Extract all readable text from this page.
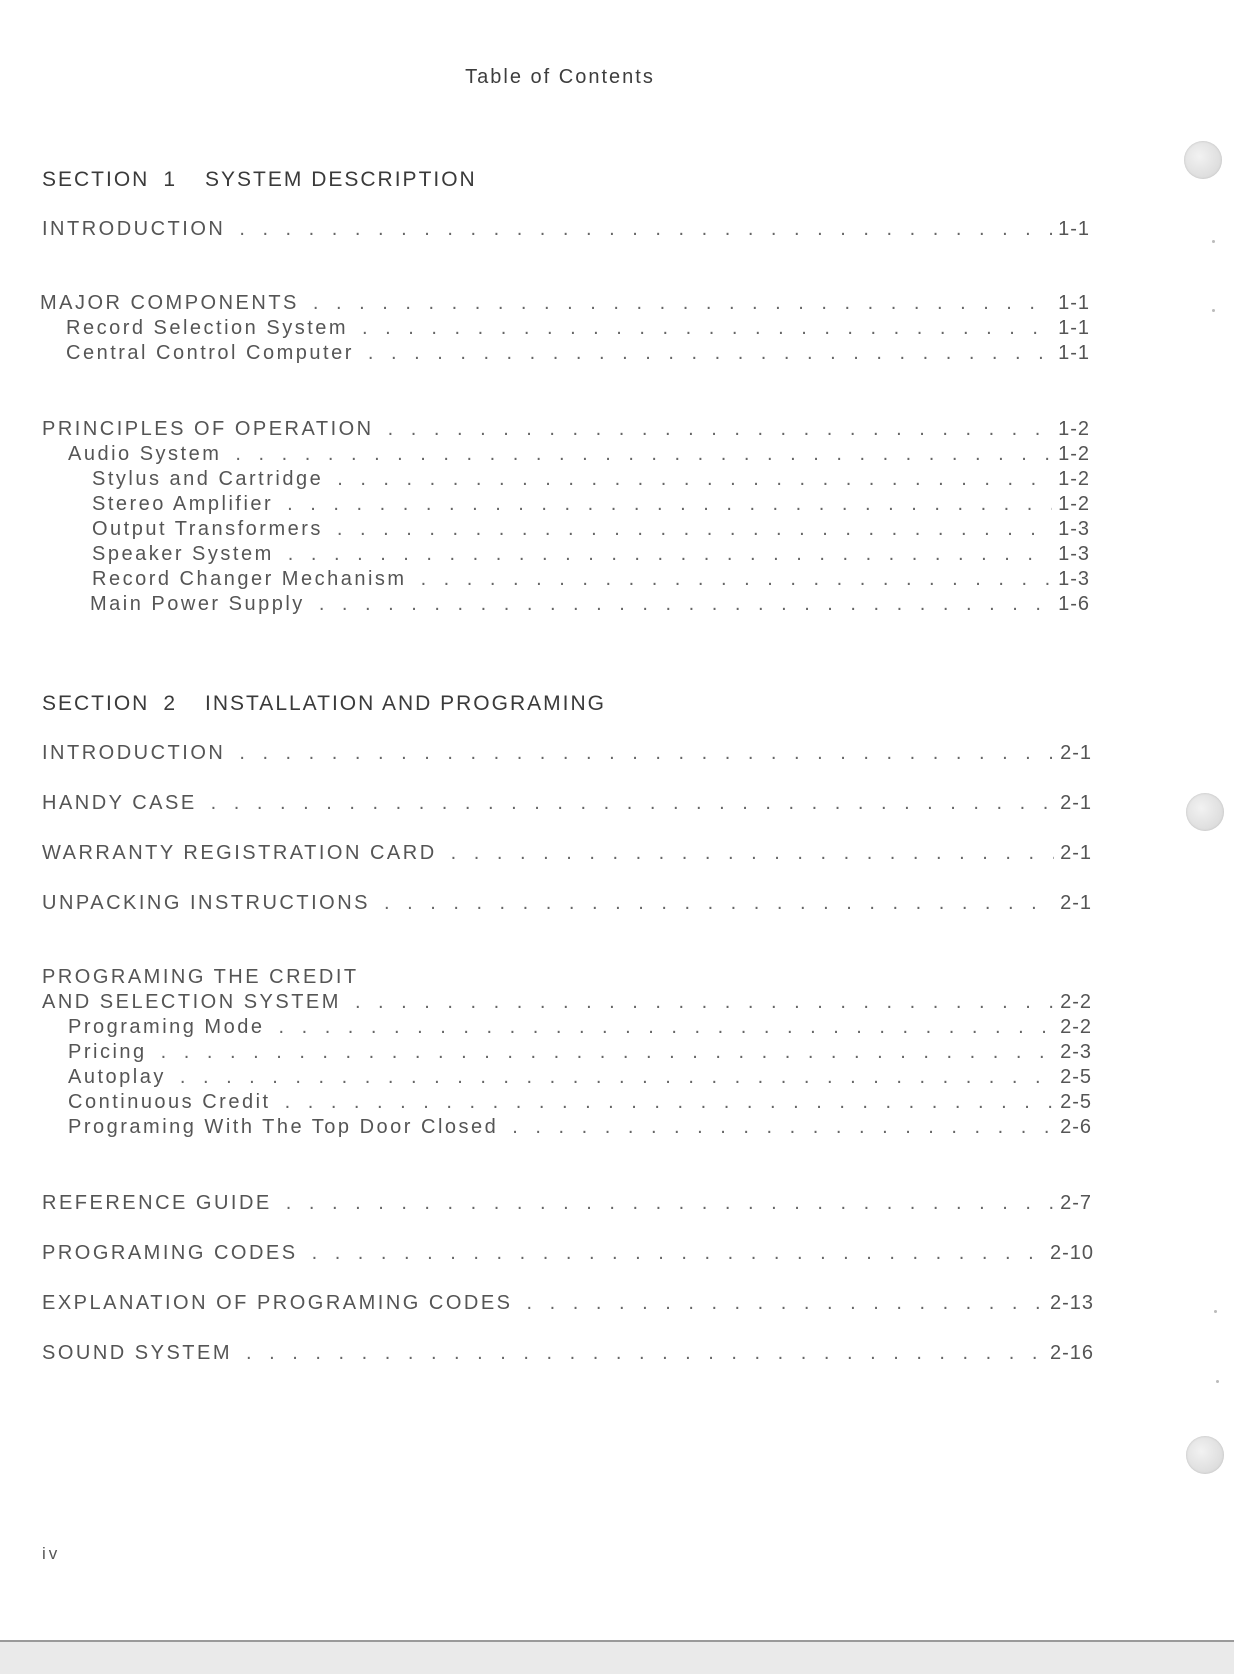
Table of Contents
SECTION 1 SYSTEM DESCRIPTION
INTRODUCTION . . .	1-1
MAJOR COMPONENTS . . .	1-1
Record Selection System . . .	1-1
Central Control Computer . . .	1-1
PRINCIPLES OF OPERATION . . .	1-2
Audio System . . .	1-2
Stylus and Cartridge . . .	1-2
Stereo Amplifier . . .	1-2
Output Transformers . . .	1-3
Speaker System . . .	1-3
Record Changer Mechanism . . .	1-3
Main Power Supply . . .	1-6
SECTION 2 INSTALLATION AND PROGRAMING
INTRODUCTION . . .	2-1
HANDY CASE . . .	2-1
WARRANTY REGISTRATION CARD . . .	2-1
UNPACKING INSTRUCTIONS . . .	2-1
PROGRAMING THE CREDIT
AND SELECTION SYSTEM . . .	2-2
Programing Mode . . .	2-2
Pricing . . .	2-3
Autoplay . . .	2-5
Continuous Credit . . .	2-5
Programing With The Top Door Closed . . .	2-6
REFERENCE GUIDE . . .	2-7
PROGRAMING CODES . . .	2-10
EXPLANATION OF PROGRAMING CODES . . .	2-13
SOUND SYSTEM . . .	2-16
iv
